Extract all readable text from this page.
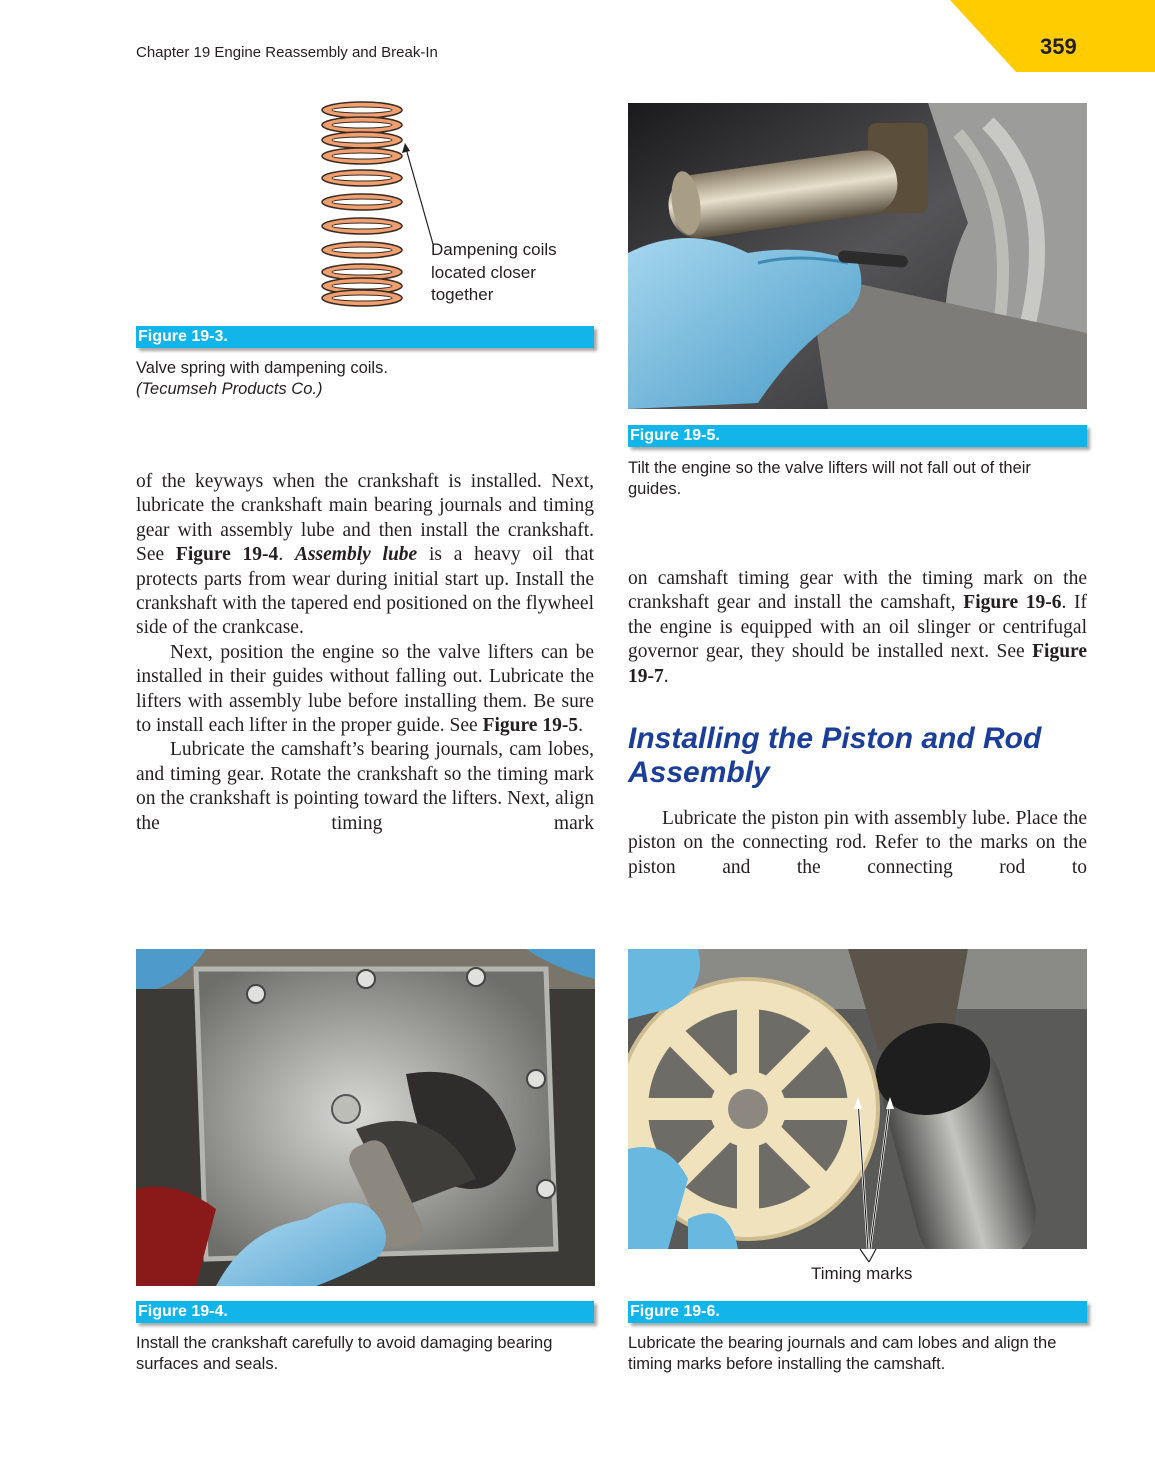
Chapter 19 Engine Reassembly and Break-In	359
Dampening coils
located closer
together
Figure 19-3.
Valve spring with dampening coils.
(Tecumseh Products Co.)
Figure 19-5.
Tilt the engine so the valve lifters will not fall out of their guides.

of the keyways when the crankshaft is installed. Next, lubricate the crankshaft main bearing journals and timing gear with assembly lube and then install the crankshaft. See Figure 19-4. Assembly lube is a heavy oil that protects parts from wear during initial start up. Install the crankshaft with the tapered end positioned on the flywheel side of the crankcase.

Next, position the engine so the valve lifters can be installed in their guides without falling out. Lubricate the lifters with assembly lube before installing them. Be sure to install each lifter in the proper guide. See Figure 19-5.

Lubricate the camshaft’s bearing journals, cam lobes, and timing gear. Rotate the crankshaft so the timing mark on the crankshaft is pointing toward the lifters. Next, align the timing mark

on camshaft timing gear with the timing mark on the crankshaft gear and install the camshaft, Figure 19-6. If the engine is equipped with an oil slinger or centrifugal governor gear, they should be installed next. See Figure 19-7.

Installing the Piston and Rod Assembly

Lubricate the piston pin with assembly lube. Place the piston on the connecting rod. Refer to the marks on the piston and the connecting rod to

Figure 19-4.
Install the crankshaft carefully to avoid damaging bearing surfaces and seals.
Timing marks
Figure 19-6.
Lubricate the bearing journals and cam lobes and align the timing marks before installing the camshaft.
